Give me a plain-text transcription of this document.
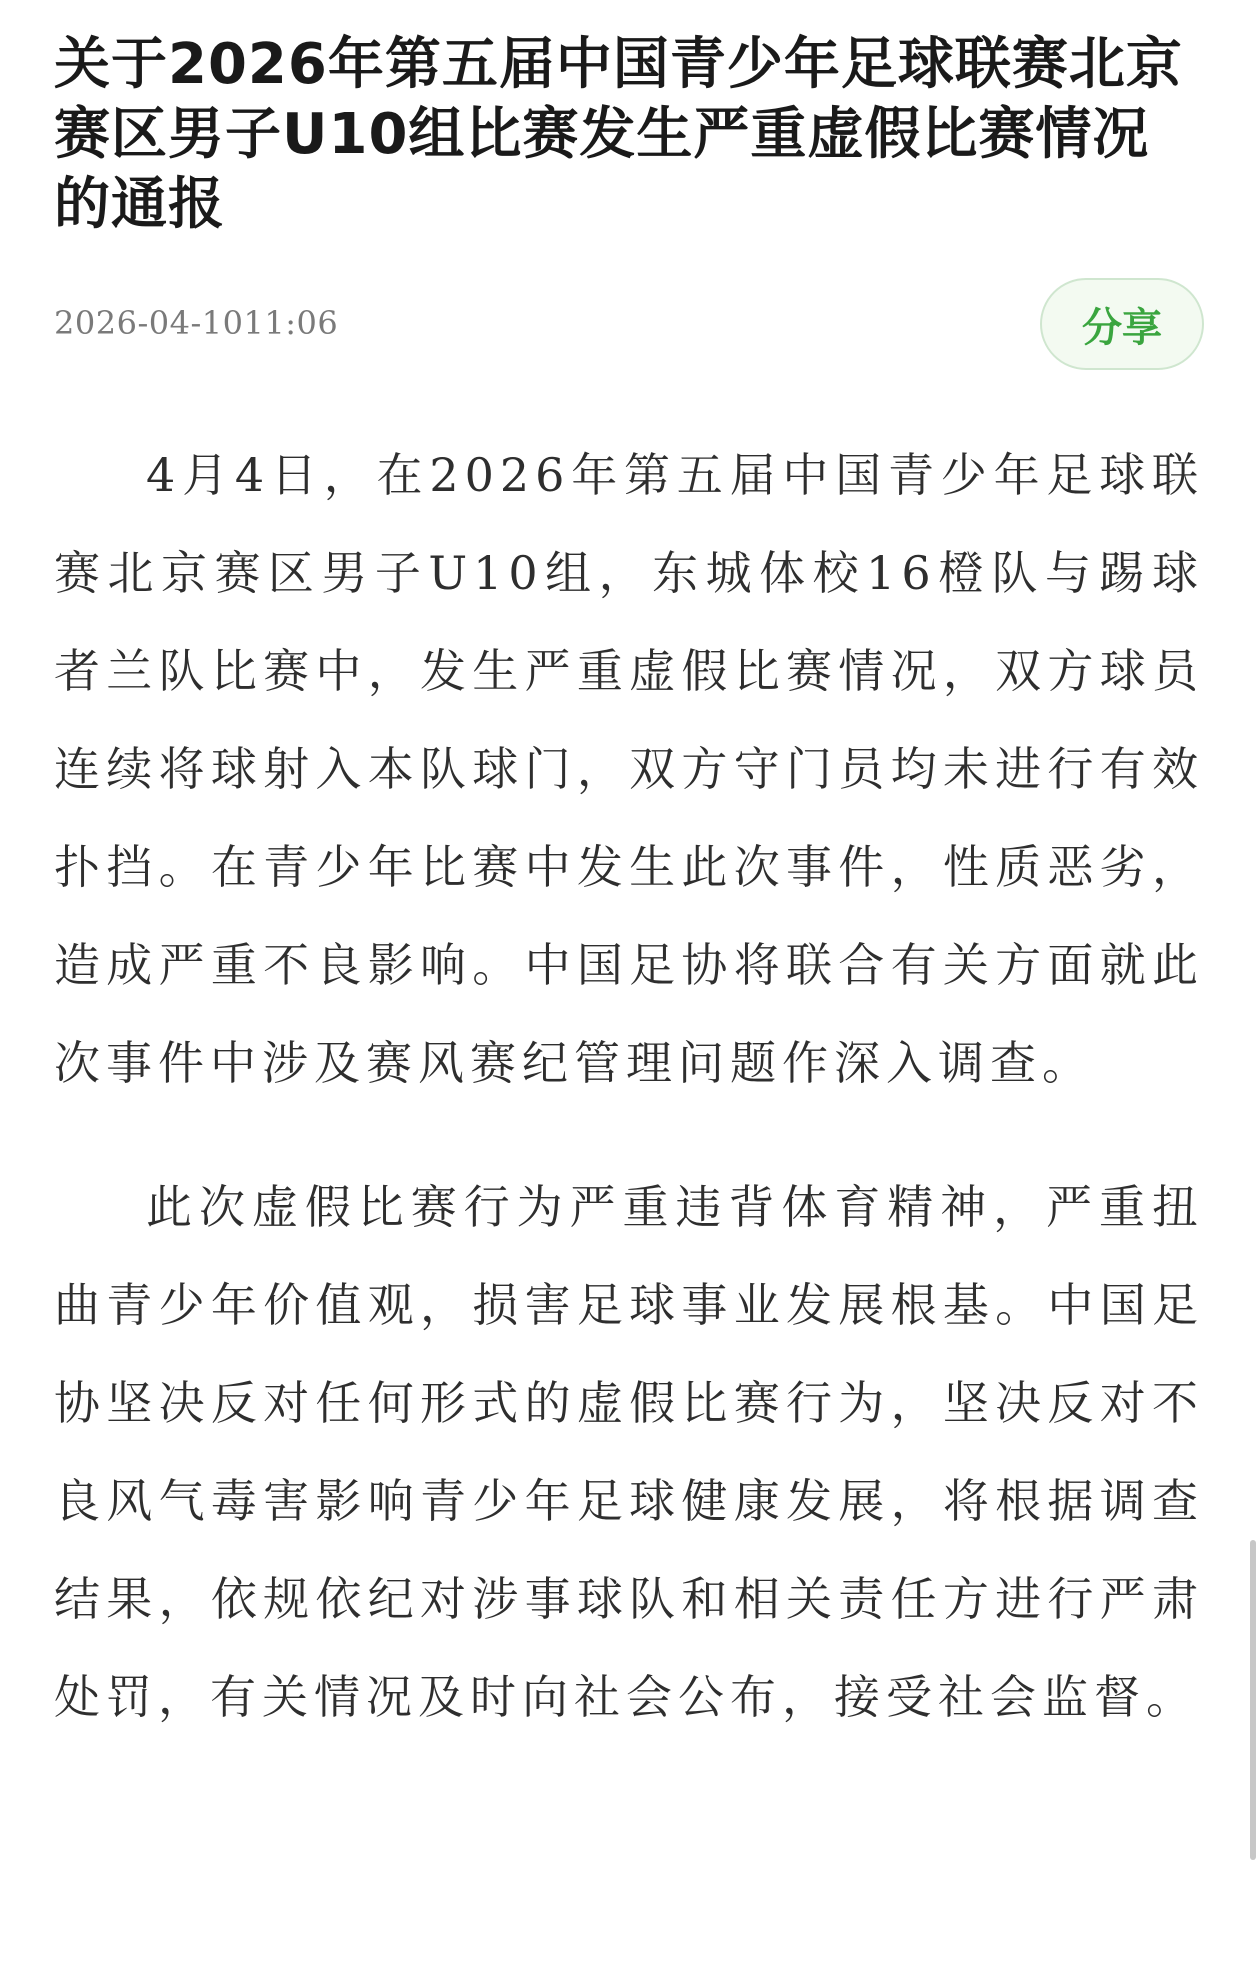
关于2026年第五届中国青少年足球联赛北京赛区男子U10组比赛发生严重虚假比赛情况的通报
2026-04-1011:06	分享

4月4日，在2026年第五届中国青少年足球联赛北京赛区男子U10组，东城体校16橙队与踢球者兰队比赛中，发生严重虚假比赛情况，双方球员连续将球射入本队球门，双方守门员均未进行有效扑挡。在青少年比赛中发生此次事件，性质恶劣，造成严重不良影响。中国足协将联合有关方面就此次事件中涉及赛风赛纪管理问题作深入调查。

此次虚假比赛行为严重违背体育精神，严重扭曲青少年价值观，损害足球事业发展根基。中国足协坚决反对任何形式的虚假比赛行为，坚决反对不良风气毒害影响青少年足球健康发展，将根据调查结果，依规依纪对涉事球队和相关责任方进行严肃处罚，有关情况及时向社会公布，接受社会监督。
